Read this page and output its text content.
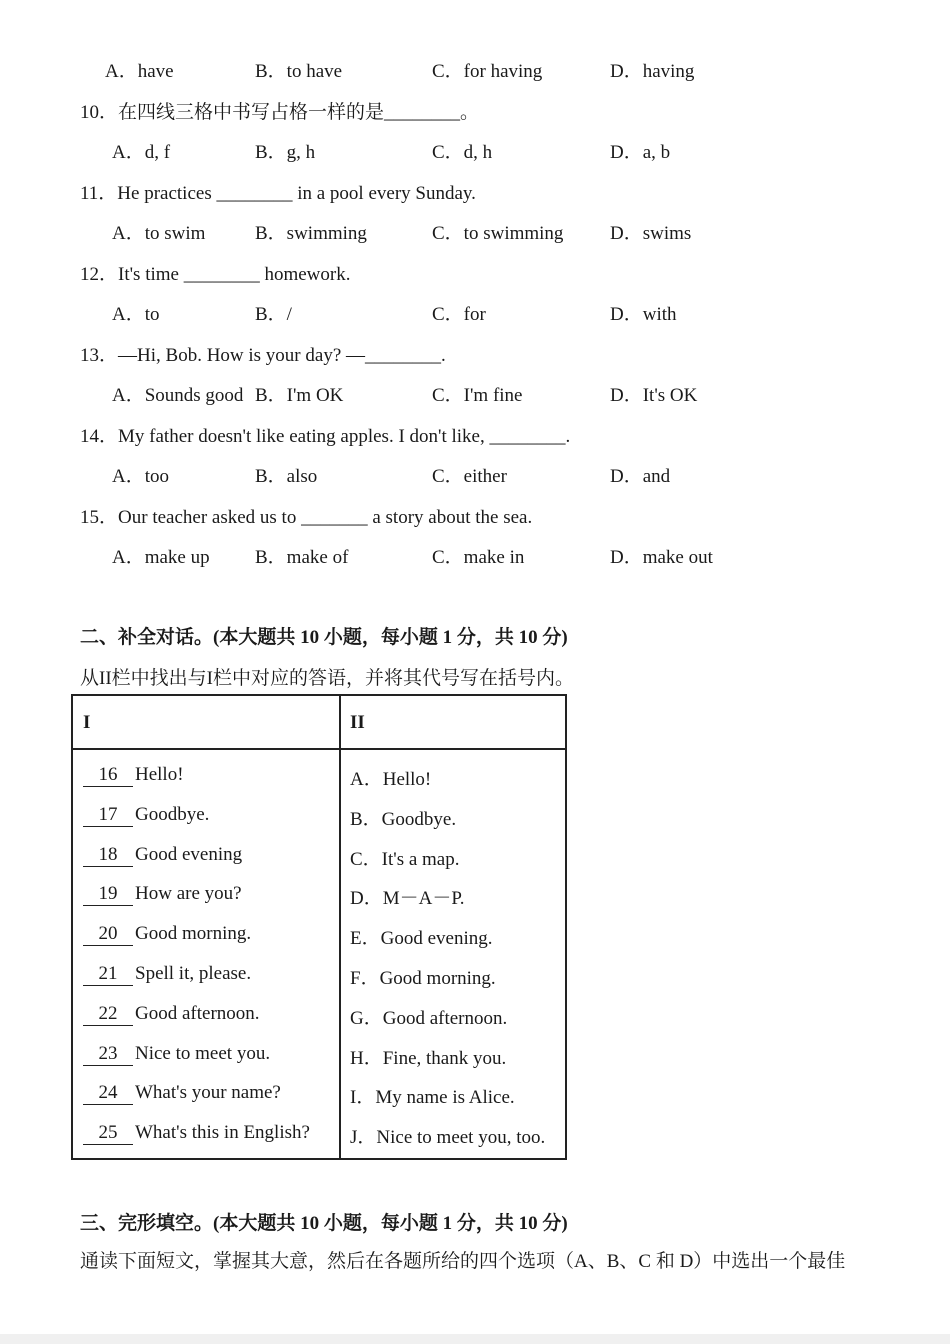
A．have	B．to have	C．for having	D．having
10．在四线三格中书写占格一样的是________。
A．d, f	B．g, h	C．d, h	D．a, b
11．He practices ________ in a pool every Sunday.
A．to swim	B．swimming	C．to swimming D．swims
12．It's time ________ homework.
A．to	B．/	C．for	D．with
13．—Hi, Bob. How is your day? —________.
A．Sounds good B．I'm OK	C．I'm fine	D．It's OK
14．My father doesn't like eating apples. I don't like, ________.
A．too	B．also	C．either	D．and
15．Our teacher asked us to _______ a story about the sea.
A．make up B．make of	C．make in	D．make out
二、补全对话。(本大题共 10 小题，每小题 1 分，共 10 分)
从II栏中找出与I栏中对应的答语，并将其代号写在括号内。
I	II
16 Hello!	A．Hello!
17 Goodbye.	B．Goodbye.
18 Good evening	C．It's a map.
19 How are you?	D．M－A－P.
20 Good morning.	E．Good evening.
21 Spell it, please.	F．Good morning.
22 Good afternoon.	G．Good afternoon.
23 Nice to meet you.	H．Fine, thank you.
24 What's your name?	I．My name is Alice.
25 What's this in English? J．Nice to meet you, too.
三、完形填空。(本大题共 10 小题，每小题 1 分，共 10 分)
通读下面短文，掌握其大意，然后在各题所给的四个选项（A、B、C 和 D）中选出一个最佳
